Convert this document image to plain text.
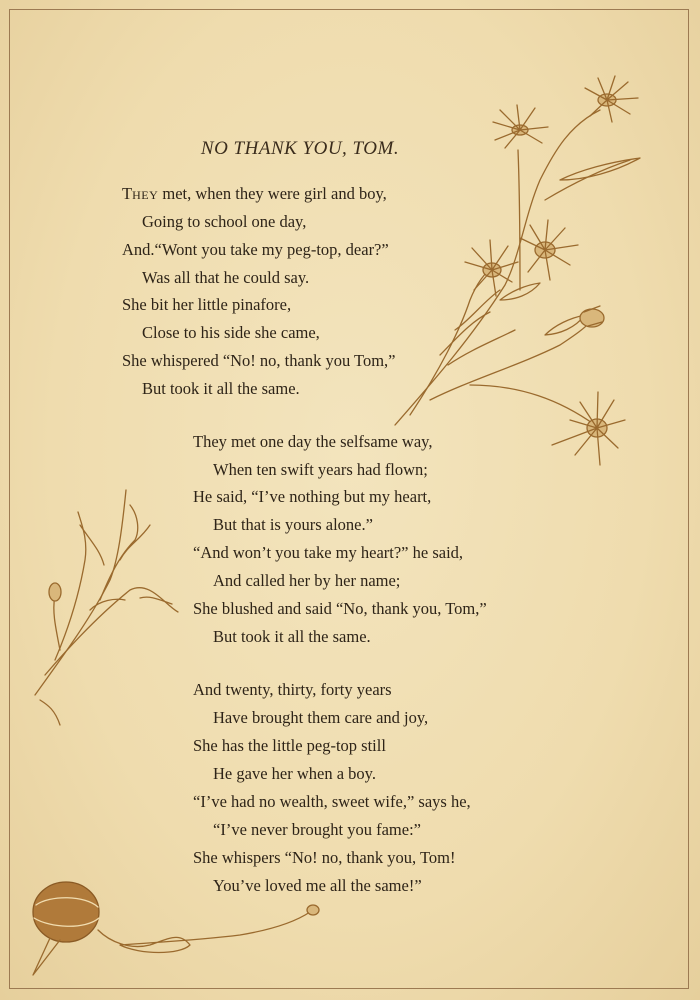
NO THANK YOU, TOM.
THEY met, when they were girl and boy,
Going to school one day,
And.“Wont you take my peg-top, dear?”
Was all that he could say.
She bit her little pinafore,
Close to his side she came,
She whispered “No! no, thank you Tom,”
But took it all the same.
They met one day the selfsame way,
When ten swift years had flown;
He said, “I’ve nothing but my heart,
But that is yours alone.”
“And won’t you take my heart?” he said,
And called her by her name;
She blushed and said “No, thank you, Tom,”
But took it all the same.
And twenty, thirty, forty years
Have brought them care and joy,
She has the little peg-top still
He gave her when a boy.
“I’ve had no wealth, sweet wife,” says he,
“I’ve never brought you fame:”
She whispers “No! no, thank you, Tom!
You’ve loved me all the same!”
